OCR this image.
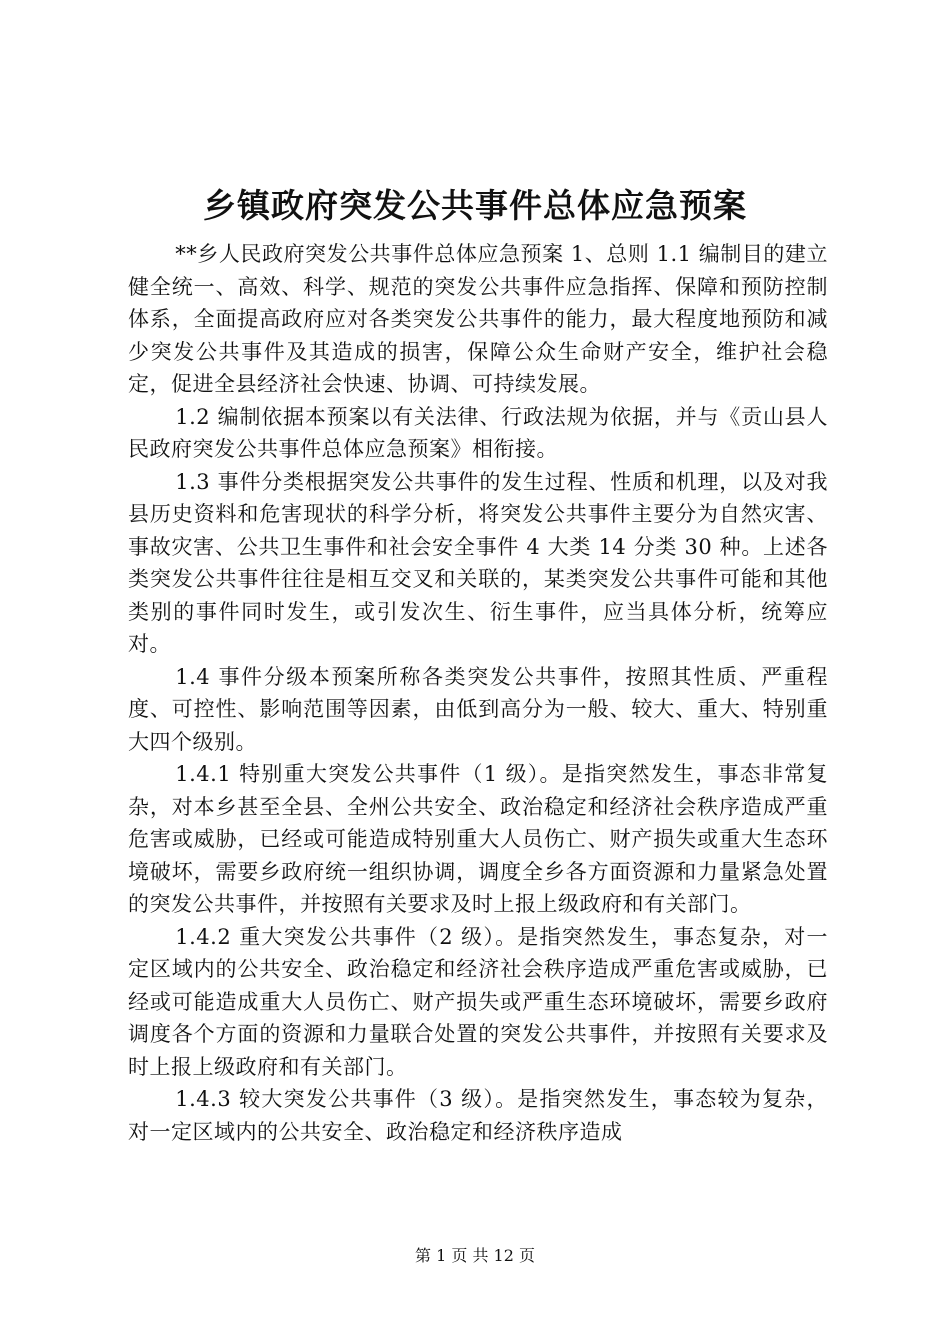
乡镇政府突发公共事件总体应急预案

**乡人民政府突发公共事件总体应急预案 1、总则 1.1 编制目的建立健全统一、高效、科学、规范的突发公共事件应急指挥、保障和预防控制体系，全面提高政府应对各类突发公共事件的能力，最大程度地预防和减少突发公共事件及其造成的损害，保障公众生命财产安全，维护社会稳定，促进全县经济社会快速、协调、可持续发展。

1.2 编制依据本预案以有关法律、行政法规为依据，并与《贡山县人民政府突发公共事件总体应急预案》相衔接。

1.3 事件分类根据突发公共事件的发生过程、性质和机理，以及对我县历史资料和危害现状的科学分析，将突发公共事件主要分为自然灾害、事故灾害、公共卫生事件和社会安全事件 4 大类 14 分类 30 种。上述各类突发公共事件往往是相互交叉和关联的，某类突发公共事件可能和其他类别的事件同时发生，或引发次生、衍生事件，应当具体分析，统筹应对。

1.4 事件分级本预案所称各类突发公共事件，按照其性质、严重程度、可控性、影响范围等因素，由低到高分为一般、较大、重大、特别重大四个级别。

1.4.1 特别重大突发公共事件（1 级）。是指突然发生，事态非常复杂，对本乡甚至全县、全州公共安全、政治稳定和经济社会秩序造成严重危害或威胁，已经或可能造成特别重大人员伤亡、财产损失或重大生态环境破坏，需要乡政府统一组织协调，调度全乡各方面资源和力量紧急处置的突发公共事件，并按照有关要求及时上报上级政府和有关部门。

1.4.2 重大突发公共事件（2 级）。是指突然发生，事态复杂，对一定区域内的公共安全、政治稳定和经济社会秩序造成严重危害或威胁，已经或可能造成重大人员伤亡、财产损失或严重生态环境破坏，需要乡政府调度各个方面的资源和力量联合处置的突发公共事件，并按照有关要求及时上报上级政府和有关部门。

1.4.3 较大突发公共事件（3 级）。是指突然发生，事态较为复杂，对一定区域内的公共安全、政治稳定和经济秩序造成

第 1 页 共 12 页
